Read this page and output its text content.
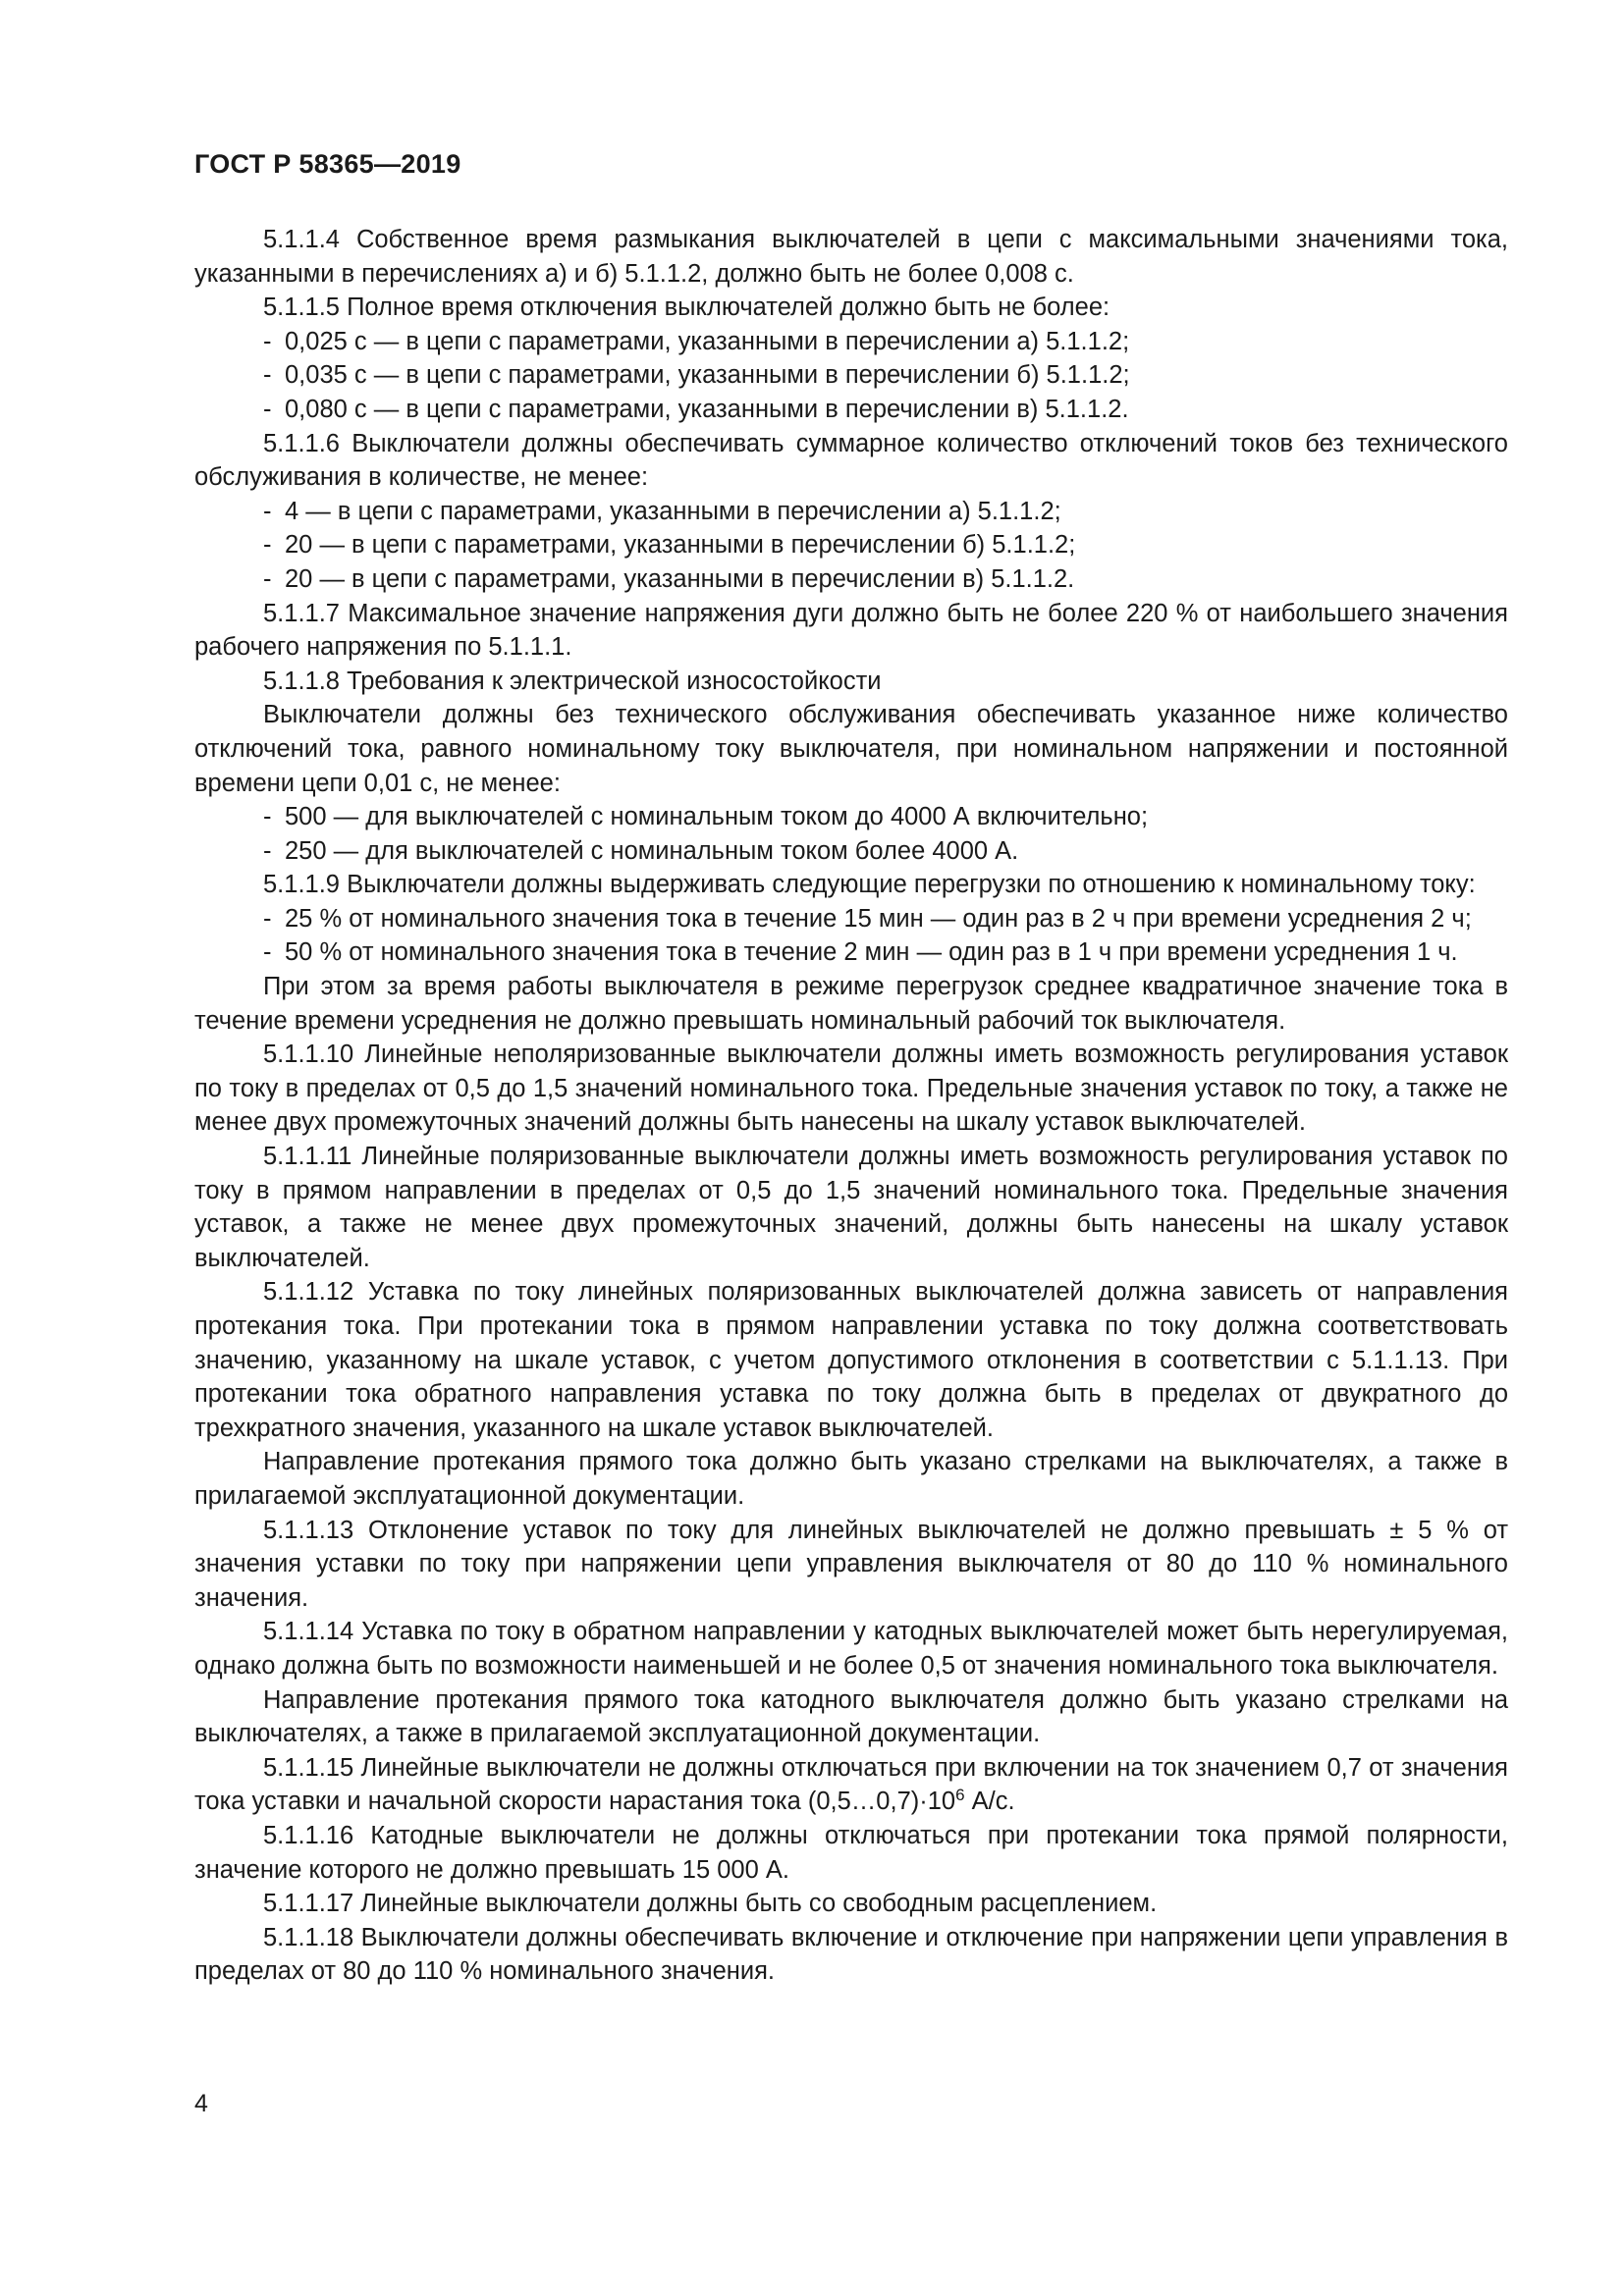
ГОСТ Р 58365—2019

5.1.1.4 Собственное время размыкания выключателей в цепи с максимальными значениями тока, указанными в перечислениях а) и б) 5.1.1.2, должно быть не более 0,008 с.

5.1.1.5 Полное время отключения выключателей должно быть не более:

- 0,025 с — в цепи с параметрами, указанными в перечислении а) 5.1.1.2;

- 0,035 с — в цепи с параметрами, указанными в перечислении б) 5.1.1.2;

- 0,080 с — в цепи с параметрами, указанными в перечислении в) 5.1.1.2.

5.1.1.6 Выключатели должны обеспечивать суммарное количество отключений токов без технического обслуживания в количестве, не менее:

- 4 — в цепи с параметрами, указанными в перечислении а) 5.1.1.2;

- 20 — в цепи с параметрами, указанными в перечислении б) 5.1.1.2;

- 20 — в цепи с параметрами, указанными в перечислении в) 5.1.1.2.

5.1.1.7 Максимальное значение напряжения дуги должно быть не более 220 % от наибольшего значения рабочего напряжения по 5.1.1.1.

5.1.1.8 Требования к электрической износостойкости

Выключатели должны без технического обслуживания обеспечивать указанное ниже количество отключений тока, равного номинальному току выключателя, при номинальном напряжении и постоянной времени цепи 0,01 с, не менее:

- 500 — для выключателей с номинальным током до 4000 А включительно;

- 250 — для выключателей с номинальным током более 4000 А.

5.1.1.9 Выключатели должны выдерживать следующие перегрузки по отношению к номинальному току:

- 25 % от номинального значения тока в течение 15 мин — один раз в 2 ч при времени усреднения 2 ч;

- 50 % от номинального значения тока в течение 2 мин — один раз в 1 ч при времени усреднения 1 ч.

При этом за время работы выключателя в режиме перегрузок среднее квадратичное значение тока в течение времени усреднения не должно превышать номинальный рабочий ток выключателя.

5.1.1.10 Линейные неполяризованные выключатели должны иметь возможность регулирования уставок по току в пределах от 0,5 до 1,5 значений номинального тока. Предельные значения уставок по току, а также не менее двух промежуточных значений должны быть нанесены на шкалу уставок выключателей.

5.1.1.11 Линейные поляризованные выключатели должны иметь возможность регулирования уставок по току в прямом направлении в пределах от 0,5 до 1,5 значений номинального тока. Предельные значения уставок, а также не менее двух промежуточных значений, должны быть нанесены на шкалу уставок выключателей.

5.1.1.12 Уставка по току линейных поляризованных выключателей должна зависеть от направления протекания тока. При протекании тока в прямом направлении уставка по току должна соответствовать значению, указанному на шкале уставок, с учетом допустимого отклонения в соответствии с 5.1.1.13. При протекании тока обратного направления уставка по току должна быть в пределах от двукратного до трехкратного значения, указанного на шкале уставок выключателей.

Направление протекания прямого тока должно быть указано стрелками на выключателях, а также в прилагаемой эксплуатационной документации.

5.1.1.13 Отклонение уставок по току для линейных выключателей не должно превышать ± 5 % от значения уставки по току при напряжении цепи управления выключателя от 80 до 110 % номинального значения.

5.1.1.14 Уставка по току в обратном направлении у катодных выключателей может быть нерегулируемая, однако должна быть по возможности наименьшей и не более 0,5 от значения номинального тока выключателя.

Направление протекания прямого тока катодного выключателя должно быть указано стрелками на выключателях, а также в прилагаемой эксплуатационной документации.

5.1.1.15 Линейные выключатели не должны отключаться при включении на ток значением 0,7 от значения тока уставки и начальной скорости нарастания тока $(0,5\dots 0,7)\cdot 10^6$ А/с.

5.1.1.16 Катодные выключатели не должны отключаться при протекании тока прямой полярности, значение которого не должно превышать 15 000 А.

5.1.1.17 Линейные выключатели должны быть со свободным расцеплением.

5.1.1.18 Выключатели должны обеспечивать включение и отключение при напряжении цепи управления в пределах от 80 до 110 % номинального значения.

4
